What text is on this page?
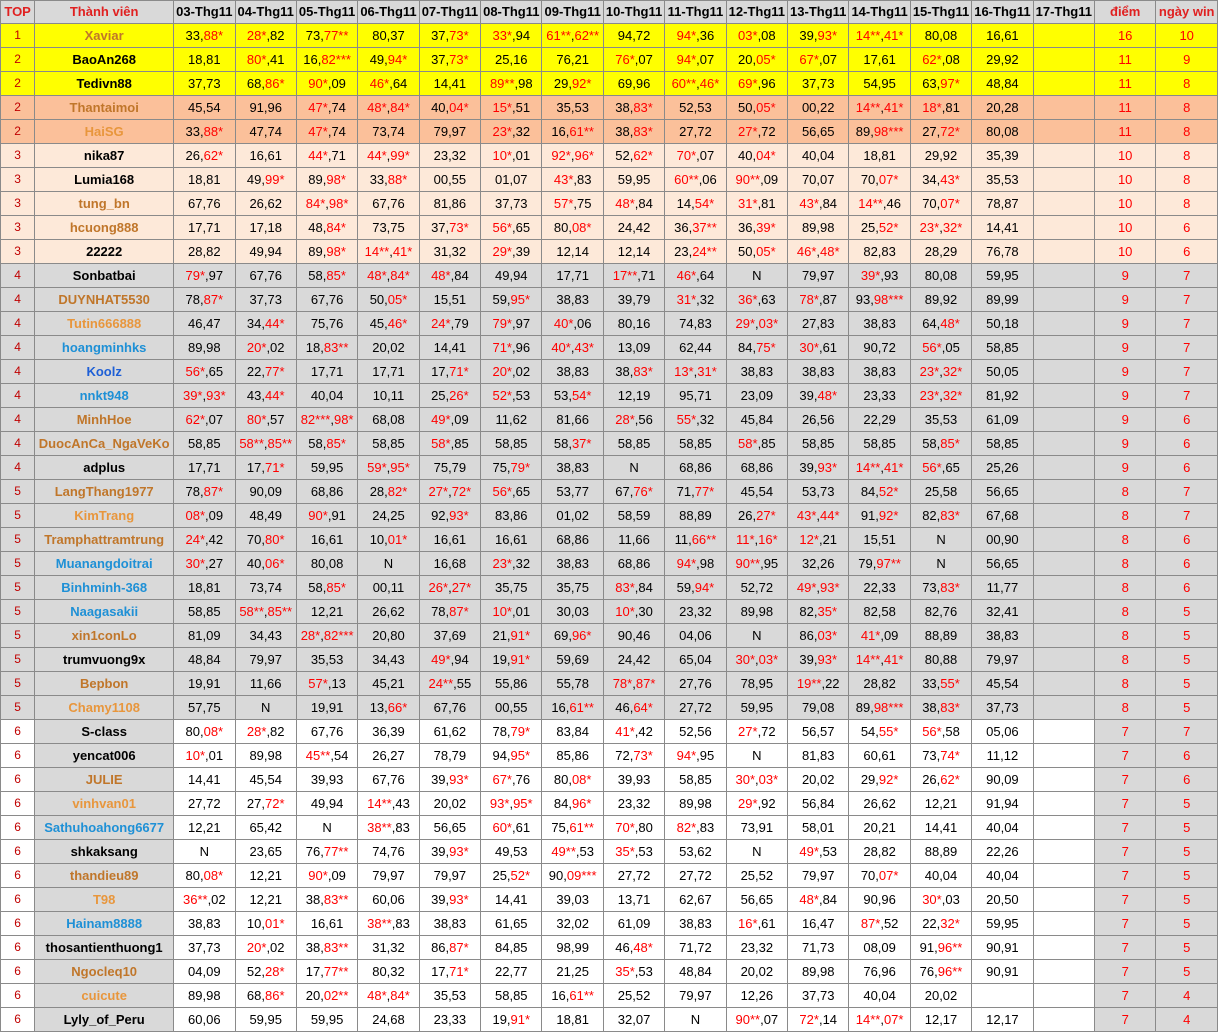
TOP	Thành viên	03-Thg11	04-Thg11	05-Thg11	06-Thg11	07-Thg11	08-Thg11	09-Thg11	10-Thg11	11-Thg11	12-Thg11	13-Thg11	14-Thg11	15-Thg11	16-Thg11	17-Thg11	điểm	ngày win
1	Xaviar	33,88*	28*,82	73,77**	80,37	37,73*	33*,94	61**,62**	94,72	94*,36	03*,08	39,93*	14**,41*	80,08	16,61		16	10
2	BaoAn268	18,81	80*,41	16,82***	49,94*	37,73*	25,16	76,21	76*,07	94*,07	20,05*	67*,07	17,61	62*,08	29,92		11	9
2	Tedivn88	37,73	68,86*	90*,09	46*,64	14,41	89**,98	29,92*	69,96	60**,46*	69*,96	37,73	54,95	63,97*	48,84		11	8
2	Thantaimoi	45,54	91,96	47*,74	48*,84*	40,04*	15*,51	35,53	38,83*	52,53	50,05*	00,22	14**,41*	18*,81	20,28		11	8
2	HaiSG	33,88*	47,74	47*,74	73,74	79,97	23*,32	16,61**	38,83*	27,72	27*,72	56,65	89,98***	27,72*	80,08		11	8
3	nika87	26,62*	16,61	44*,71	44*,99*	23,32	10*,01	92*,96*	52,62*	70*,07	40,04*	40,04	18,81	29,92	35,39		10	8
3	Lumia168	18,81	49,99*	89,98*	33,88*	00,55	01,07	43*,83	59,95	60**,06	90**,09	70,07	70,07*	34,43*	35,53		10	8
3	tung_bn	67,76	26,62	84*,98*	67,76	81,86	37,73	57*,75	48*,84	14,54*	31*,81	43*,84	14**,46	70,07*	78,87		10	8
3	hcuong888	17,71	17,18	48,84*	73,75	37,73*	56*,65	80,08*	24,42	36,37**	36,39*	89,98	25,52*	23*,32*	14,41		10	6
3	22222	28,82	49,94	89,98*	14**,41*	31,32	29*,39	12,14	12,14	23,24**	50,05*	46*,48*	82,83	28,29	76,78		10	6
4	Sonbatbai	79*,97	67,76	58,85*	48*,84*	48*,84	49,94	17,71	17**,71	46*,64	N	79,97	39*,93	80,08	59,95		9	7
4	DUYNHAT5530	78,87*	37,73	67,76	50,05*	15,51	59,95*	38,83	39,79	31*,32	36*,63	78*,87	93,98***	89,92	89,99		9	7
4	Tutin666888	46,47	34,44*	75,76	45,46*	24*,79	79*,97	40*,06	80,16	74,83	29*,03*	27,83	38,83	64,48*	50,18		9	7
4	hoangminhks	89,98	20*,02	18,83**	20,02	14,41	71*,96	40*,43*	13,09	62,44	84,75*	30*,61	90,72	56*,05	58,85		9	7
4	Koolz	56*,65	22,77*	17,71	17,71	17,71*	20*,02	38,83	38,83*	13*,31*	38,83	38,83	38,83	23*,32*	50,05		9	7
4	nnkt948	39*,93*	43,44*	40,04	10,11	25,26*	52*,53	53,54*	12,19	95,71	23,09	39,48*	23,33	23*,32*	81,92		9	7
4	MinhHoe	62*,07	80*,57	82***,98*	68,08	49*,09	11,62	81,66	28*,56	55*,32	45,84	26,56	22,29	35,53	61,09		9	6
4	DuocAnCa_NgaVeKo	58,85	58**,85**	58,85*	58,85	58*,85	58,85	58,37*	58,85	58,85	58*,85	58,85	58,85	58,85*	58,85		9	6
4	adplus	17,71	17,71*	59,95	59*,95*	75,79	75,79*	38,83	N	68,86	68,86	39,93*	14**,41*	56*,65	25,26		9	6
5	LangThang1977	78,87*	90,09	68,86	28,82*	27*,72*	56*,65	53,77	67,76*	71,77*	45,54	53,73	84,52*	25,58	56,65		8	7
5	KimTrang	08*,09	48,49	90*,91	24,25	92,93*	83,86	01,02	58,59	88,89	26,27*	43*,44*	91,92*	82,83*	67,68		8	7
5	Tramphattramtrung	24*,42	70,80*	16,61	10,01*	16,61	16,61	68,86	11,66	11,66**	11*,16*	12*,21	15,51	N	00,90		8	6
5	Muanangdoitrai	30*,27	40,06*	80,08	N	16,68	23*,32	38,83	68,86	94*,98	90**,95	32,26	79,97**	N	56,65		8	6
5	Binhminh-368	18,81	73,74	58,85*	00,11	26*,27*	35,75	35,75	83*,84	59,94*	52,72	49*,93*	22,33	73,83*	11,77		8	6
5	Naagasakii	58,85	58**,85**	12,21	26,62	78,87*	10*,01	30,03	10*,30	23,32	89,98	82,35*	82,58	82,76	32,41		8	5
5	xin1conLo	81,09	34,43	28*,82***	20,80	37,69	21,91*	69,96*	90,46	04,06	N	86,03*	41*,09	88,89	38,83		8	5
5	trumvuong9x	48,84	79,97	35,53	34,43	49*,94	19,91*	59,69	24,42	65,04	30*,03*	39,93*	14**,41*	80,88	79,97		8	5
5	Bepbon	19,91	11,66	57*,13	45,21	24**,55	55,86	55,78	78*,87*	27,76	78,95	19**,22	28,82	33,55*	45,54		8	5
5	Chamy1108	57,75	N	19,91	13,66*	67,76	00,55	16,61**	46,64*	27,72	59,95	79,08	89,98***	38,83*	37,73		8	5
6	S-class	80,08*	28*,82	67,76	36,39	61,62	78,79*	83,84	41*,42	52,56	27*,72	56,57	54,55*	56*,58	05,06		7	7
6	yencat006	10*,01	89,98	45**,54	26,27	78,79	94,95*	85,86	72,73*	94*,95	N	81,83	60,61	73,74*	11,12		7	6
6	JULIE	14,41	45,54	39,93	67,76	39,93*	67*,76	80,08*	39,93	58,85	30*,03*	20,02	29,92*	26,62*	90,09		7	6
6	vinhvan01	27,72	27,72*	49,94	14**,43	20,02	93*,95*	84,96*	23,32	89,98	29*,92	56,84	26,62	12,21	91,94		7	5
6	Sathuhoahong6677	12,21	65,42	N	38**,83	56,65	60*,61	75,61**	70*,80	82*,83	73,91	58,01	20,21	14,41	40,04		7	5
6	shkaksang	N	23,65	76,77**	74,76	39,93*	49,53	49**,53	35*,53	53,62	N	49*,53	28,82	88,89	22,26		7	5
6	thandieu89	80,08*	12,21	90*,09	79,97	79,97	25,52*	90,09***	27,72	27,72	25,52	79,97	70,07*	40,04	40,04		7	5
6	T98	36**,02	12,21	38,83**	60,06	39,93*	14,41	39,03	13,71	62,67	56,65	48*,84	90,96	30*,03	20,50		7	5
6	Hainam8888	38,83	10,01*	16,61	38**,83	38,83	61,65	32,02	61,09	38,83	16*,61	16,47	87*,52	22,32*	59,95		7	5
6	thosantienthuong1	37,73	20*,02	38,83**	31,32	86,87*	84,85	98,99	46,48*	71,72	23,32	71,73	08,09	91,96**	90,91		7	5
6	Ngocleq10	04,09	52,28*	17,77**	80,32	17,71*	22,77	21,25	35*,53	48,84	20,02	89,98	76,96	76,96**	90,91		7	5
6	cuicute	89,98	68,86*	20,02**	48*,84*	35,53	58,85	16,61**	25,52	79,97	12,26	37,73	40,04	20,02			7	4
6	Lyly_of_Peru	60,06	59,95	59,95	24,68	23,33	19,91*	18,81	32,07	N	90**,07	72*,14	14**,07*	12,17	12,17		7	4
